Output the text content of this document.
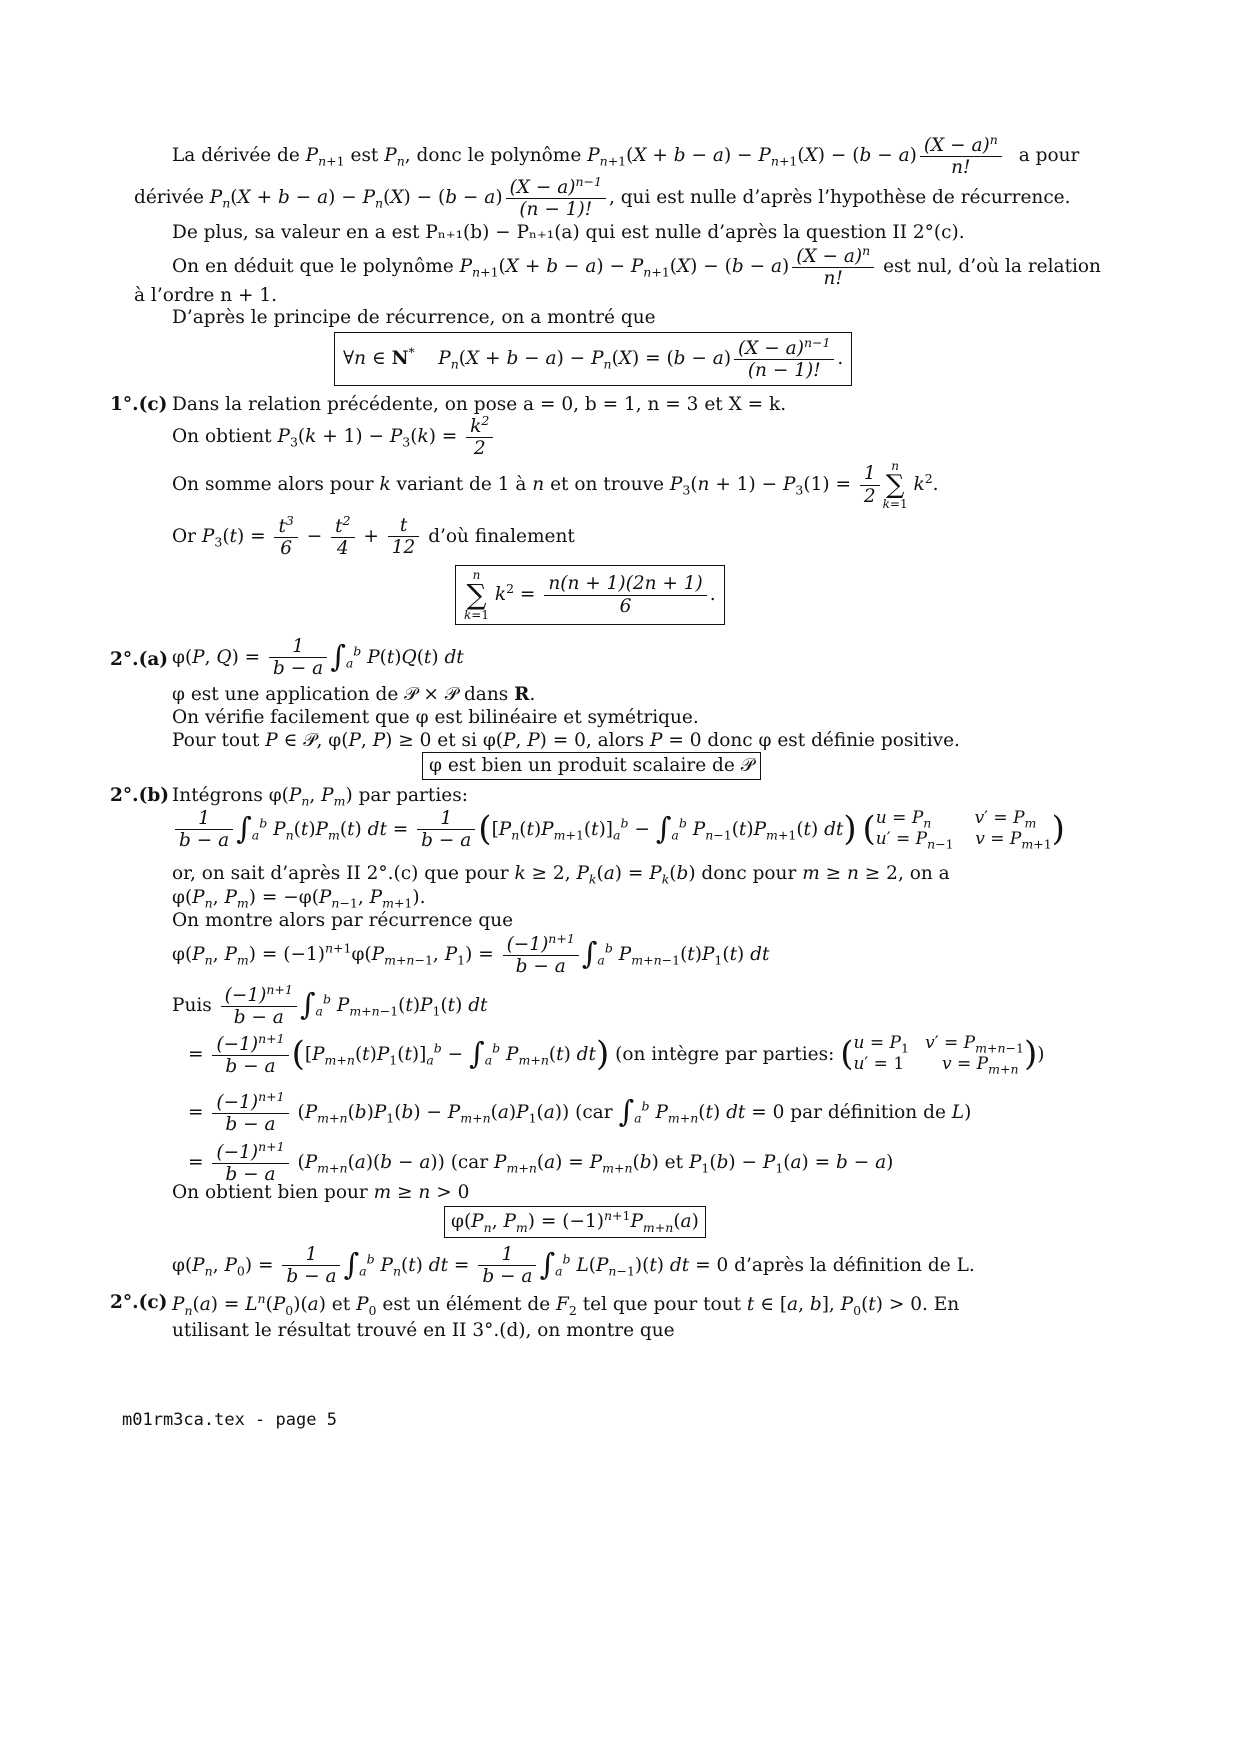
La dérivée de $P_{n+1}$ est $P_n$, donc le polynôme $P_{n+1}(X + b - a) - P_{n+1}(X) - (b - a) \frac{(X - a)^n}{n!}$ a pour
dérivée $P_n(X + b - a) - P_n(X) - (b - a) \frac{(X - a)^{n-1}}{(n - 1)!}$ , qui est nulle d’après l’hypothèse de récurrence.
De plus, sa valeur en a est Pₙ₊₁(b) − Pₙ₊₁(a) qui est nulle d’après la question II 2°(c).
On en déduit que le polynôme $P_{n+1}(X + b - a) - P_{n+1}(X) - (b - a) \frac{(X - a)^n}{n!}$ est nul, d’où la relation
à l’ordre n + 1.
D’après le principe de récurrence, on a montré que
∀n ∈ N* $P_n(X + b - a) - P_n(X) = (b - a) \frac{(X - a)^{n-1}}{(n - 1)!}$ .
1°.(c) Dans la relation précédente, on pose a = 0, b = 1, n = 3 et X = k.
On obtient $P_3(k + 1) - P_3(k) = \frac{k^2}{2}$
On somme alors pour k variant de 1 à n et on trouve $P_3(n + 1) - P_3(1) = \frac{1}{2}$ n
∑
k=1 $k^2$.
Or $P_3(t) = \frac{t^3}{6} - \frac{t^2}{4} + \frac{t}{12}$ d’où finalement
n
∑
k=1 $k^2 = \frac{n(n + 1)(2n + 1)}{6}$ .
2°.(a) φ(P, $Q) = \frac{1}{b - a} \int_a^b$ P(t)Q(t) dt
φ est une application de 𝒫 × 𝒫 dans R.
On vérifie facilement que φ est bilinéaire et symétrique.
Pour tout P ∈ 𝒫, φ(P, P) ≥ 0 et si φ(P, P) = 0, alors P = 0 donc φ est définie positive.
φ est bien un produit scalaire de 𝒫
2°.(b) Intégrons $\varphi(P_n$, $P_m$) par parties:
$\frac{1}{b - a} \int_a^b$ $P_n(t)P_m(t)$ dt = $\frac{1}{b - a} ([P_n(t)P_{m+1}(t)]_a^b - \int_a^b$ $P_{n-1}(t)P_{m+1}(t)$ dt) ($u = P_n$	$v' = P_m$
$u' = P_{n-1}$ $v = P_{m+1}$)
or, on sait d’après II 2°.(c) que pour k ≥ 2, $P_k(a) = P_k(b)$ donc pour m ≥ n ≥ 2, on a
$\varphi(P_n$, $P_m) = -\varphi(P_{n-1}$, $P_{m+1}$).
On montre alors par récurrence que
$\varphi(P_n$, $P_m) = (-1)^{n+1}\varphi(P_{m+n-1}$, $P_1) = \frac{(-1)^{n+1}}{b - a} \int_a^b$ $P_{m+n-1}(t)P_1(t)$ dt
Puis $\frac{(-1)^{n+1}}{b - a} \int_a^b$ $P_{m+n-1}(t)P_1(t)$ dt
= $\frac{(-1)^{n+1}}{b - a} ([P_{m+n}(t)P_1(t)]_a^b - \int_a^b$ $P_{m+n}(t)$ dt) (on intègre par parties: ($u = P_1$ $v' = P_{m+n-1}$
u′ = 1       $v = P_{m+n}$ ))
= $\frac{(-1)^{n+1}}{b - a} (P_{m+n}(b)P_1(b) - P_{m+n}(a)P_1(a))$ (car $\int_a^b$ $P_{m+n}(t)$ dt = 0 par définition de L)
= $\frac{(-1)^{n+1}}{b - a} (P_{m+n}(a)(b - a))$ (car $P_{m+n}(a) = P_{m+n}(b)$ et $P_1(b) - P_1(a) = b - a$)
On obtient bien pour m ≥ n > 0
$\varphi(P_n$, $P_m) = (-1)^{n+1}P_{m+n}(a)$
$\varphi(P_n$, $P_0) = \frac{1}{b - a} \int_a^b$ $P_n(t)$ dt = $\frac{1}{b - a} \int_a^b$ $L(P_{n-1})(t)$ dt = 0 d’après la définition de L.
2°.(c) $P_n(a) = L^n(P_0)(a)$ et $P_0$ est un élément de $F_2$ tel que pour tout t ∈ [a, b], $P_0(t) > 0$. En utilisant le résultat trouvé en II 3°.(d), on montre que
m01rm3ca.tex - page 5
